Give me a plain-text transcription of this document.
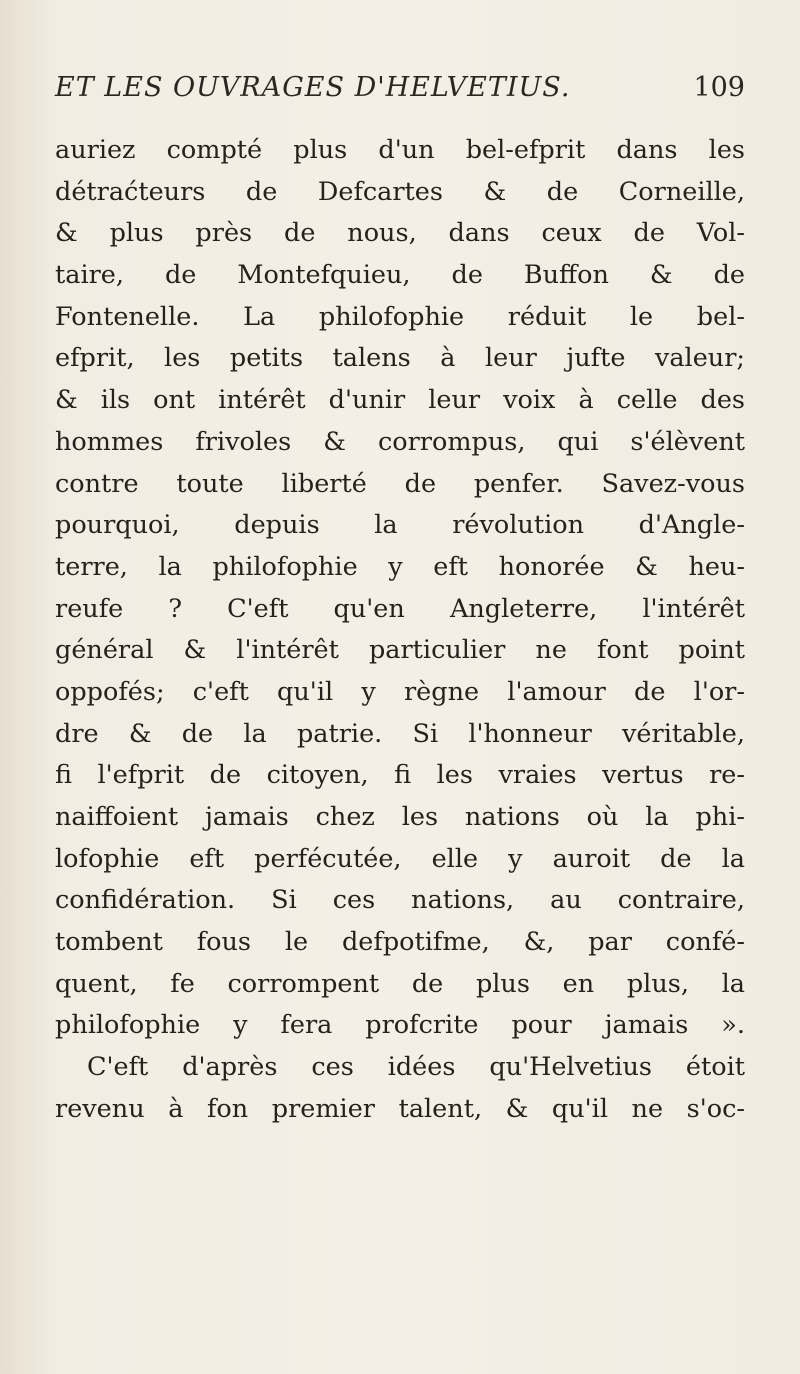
ET LES OUVRAGES D'HELVETIUS.	109
auriez compté plus d'un bel-efprit dans les
détraćteurs de Defcartes & de Corneille,
& plus près de nous, dans ceux de Vol-
taire, de Montefquieu, de Buffon & de
Fontenelle. La philofophie réduit le bel-
efprit, les petits talens à leur jufte valeur;
& ils ont intérêt d'unir leur voix à celle des
hommes frivoles & corrompus, qui s'élèvent
contre toute liberté de penfer. Savez-vous
pourquoi, depuis la révolution d'Angle-
terre, la philofophie y eft honorée & heu-
reufe ? C'eft qu'en Angleterre, l'intérêt
général & l'intérêt particulier ne font point
oppofés; c'eft qu'il y règne l'amour de l'or-
dre & de la patrie. Si l'honneur véritable,
fi l'efprit de citoyen, fi les vraies vertus re-
naiffoient jamais chez les nations où la phi-
lofophie eft perfécutée, elle y auroit de la
confidération. Si ces nations, au contraire,
tombent fous le defpotifme, &, par confé-
quent, fe corrompent de plus en plus, la
philofophie y fera profcrite pour jamais ».
C'eft d'après ces idées qu'Helvetius étoit
revenu à fon premier talent, & qu'il ne s'oc-
